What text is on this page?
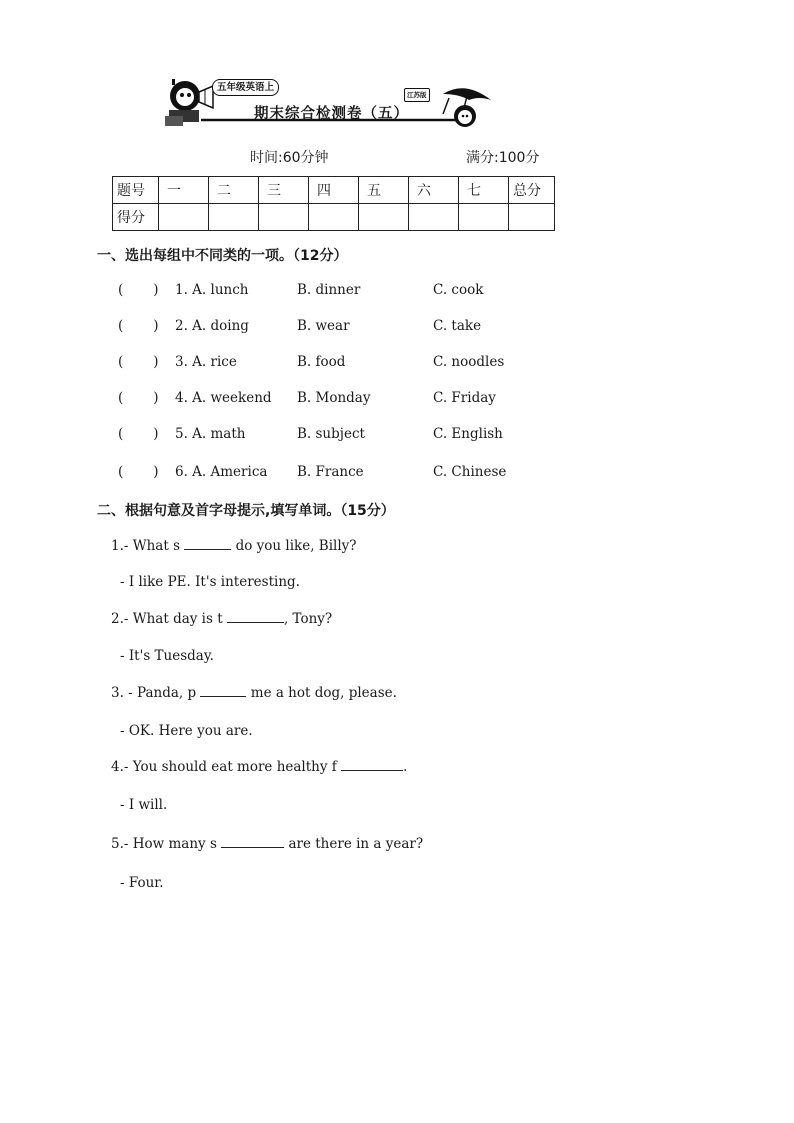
五年级英语上
江苏版
期末综合检测卷（五）
时间:60分钟	满分:100分
题号	一	二	三	四	五	六	七	总分
得分								
一、选出每组中不同类的一项。（12分）
( ) 1. A. lunch	B. dinner	C. cook
( ) 2. A. doing	B. wear	C. take
( ) 3. A. rice	B. food	C. noodles
( ) 4. A. weekend B. Monday	C. Friday
( ) 5. A. math	B. subject	C. English
( ) 6. A. America B. France	C. Chinese
二、根据句意及首字母提示,填写单词。（15分）
1.- What s	do you like, Billy?
- I like PE. It's interesting.
2.- What day is t	, Tony?
- It's Tuesday.
3. - Panda, p	me a hot dog, please.
- OK. Here you are.
4.- You should eat more healthy f	.
- I will.
5.- How many s	are there in a year?
- Four.
